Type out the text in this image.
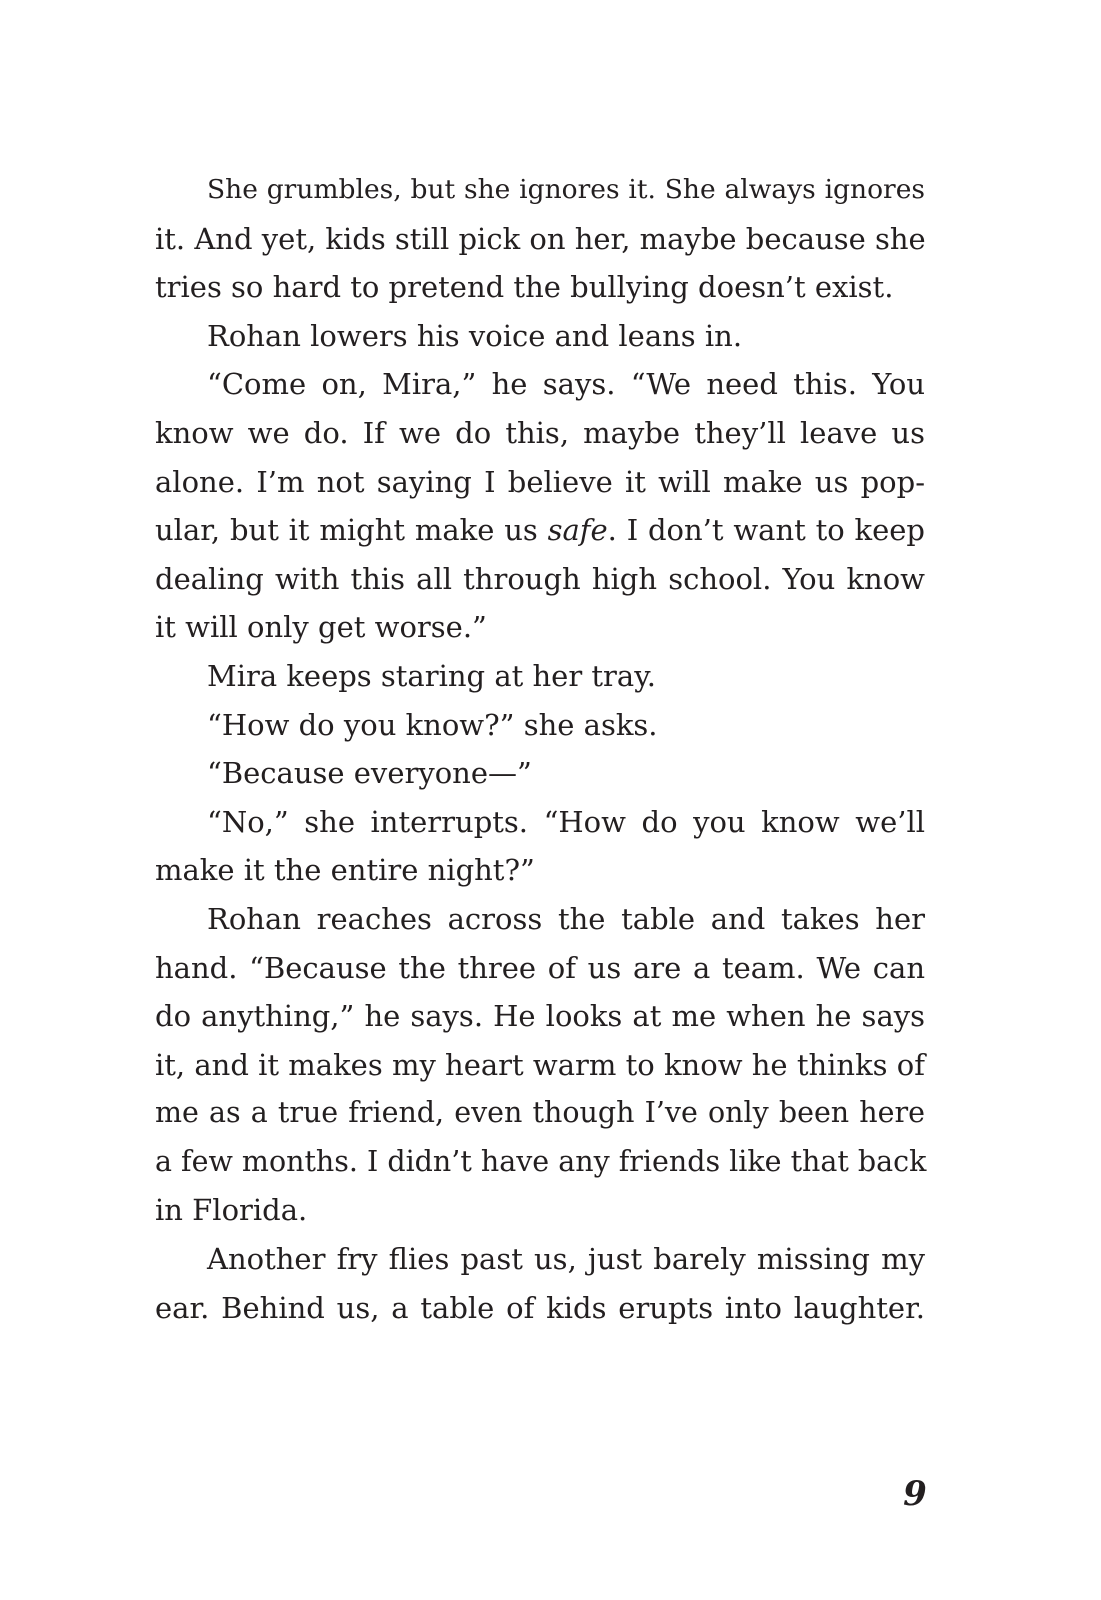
She grumbles, but she ignores it. She always ignores
it. And yet, kids still pick on her, maybe because she
tries so hard to pretend the bullying doesn’t exist.
Rohan lowers his voice and leans in.
“Come on, Mira,” he says. “We need this. You
know we do. If we do this, maybe they’ll leave us
alone. I’m not saying I believe it will make us pop-
ular, but it might make us safe. I don’t want to keep
dealing with this all through high school. You know
it will only get worse.”
Mira keeps staring at her tray.
“How do you know?” she asks.
“Because everyone—”
“No,” she interrupts. “How do you know we’ll
make it the entire night?”
Rohan reaches across the table and takes her
hand. “Because the three of us are a team. We can
do anything,” he says. He looks at me when he says
it, and it makes my heart warm to know he thinks of
me as a true friend, even though I’ve only been here
a few months. I didn’t have any friends like that back
in Florida.
Another fry flies past us, just barely missing my
ear. Behind us, a table of kids erupts into laughter.
9
